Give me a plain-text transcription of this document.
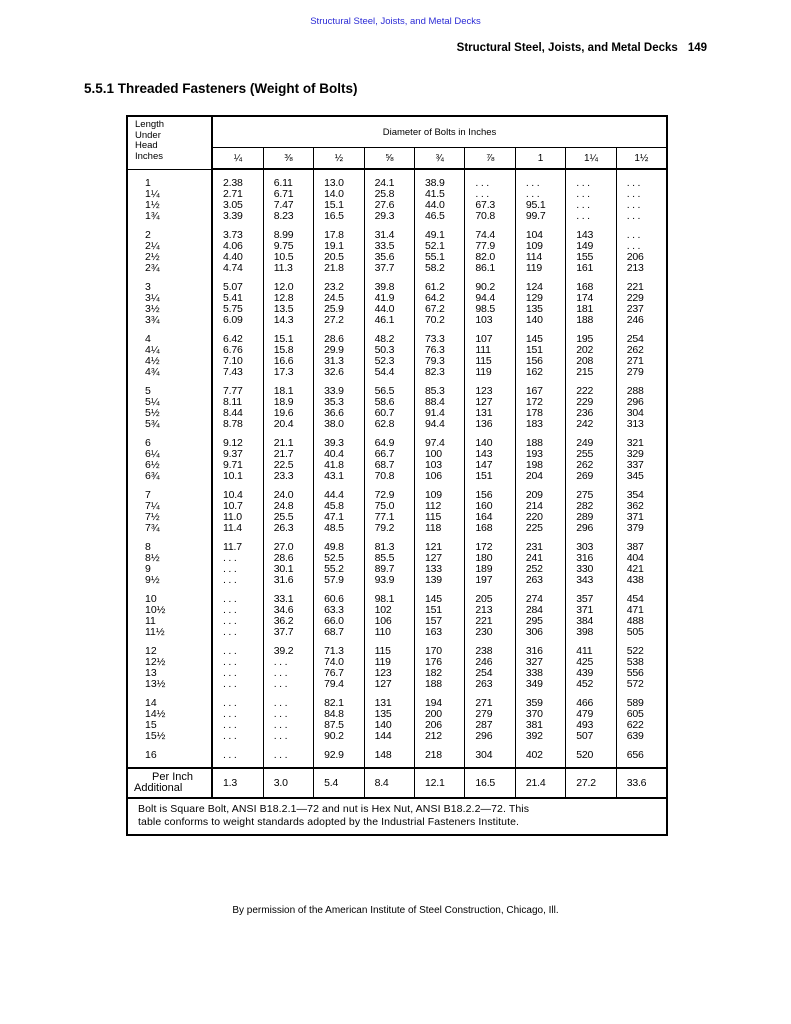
Structural Steel, Joists, and Metal Decks
Structural Steel, Joists, and Metal Decks 149
5.5.1 Threaded Fasteners (Weight of Bolts)
Length
Under
Head
Inches	Diameter of Bolts in Inches								
	¼	⅜	½	⅝	¾	⅞	1	1¼	1½
1	2.38	6.11	13.0	24.1	38.9	. . .	. . .	. . .	. . .
1¼	2.71	6.71	14.0	25.8	41.5	. . .	. . .	. . .	. . .
1½	3.05	7.47	15.1	27.6	44.0	67.3	95.1	. . .	. . .
1¾	3.39	8.23	16.5	29.3	46.5	70.8	99.7	. . .	. . .
2	3.73	8.99	17.8	31.4	49.1	74.4	104	143	. . .
2¼	4.06	9.75	19.1	33.5	52.1	77.9	109	149	. . .
2½	4.40	10.5	20.5	35.6	55.1	82.0	114	155	206
2¾	4.74	11.3	21.8	37.7	58.2	86.1	119	161	213
3	5.07	12.0	23.2	39.8	61.2	90.2	124	168	221
3¼	5.41	12.8	24.5	41.9	64.2	94.4	129	174	229
3½	5.75	13.5	25.9	44.0	67.2	98.5	135	181	237
3¾	6.09	14.3	27.2	46.1	70.2	103	140	188	246
4	6.42	15.1	28.6	48.2	73.3	107	145	195	254
4¼	6.76	15.8	29.9	50.3	76.3	111	151	202	262
4½	7.10	16.6	31.3	52.3	79.3	115	156	208	271
4¾	7.43	17.3	32.6	54.4	82.3	119	162	215	279
5	7.77	18.1	33.9	56.5	85.3	123	167	222	288
5¼	8.11	18.9	35.3	58.6	88.4	127	172	229	296
5½	8.44	19.6	36.6	60.7	91.4	131	178	236	304
5¾	8.78	20.4	38.0	62.8	94.4	136	183	242	313
6	9.12	21.1	39.3	64.9	97.4	140	188	249	321
6¼	9.37	21.7	40.4	66.7	100	143	193	255	329
6½	9.71	22.5	41.8	68.7	103	147	198	262	337
6¾	10.1	23.3	43.1	70.8	106	151	204	269	345
7	10.4	24.0	44.4	72.9	109	156	209	275	354
7¼	10.7	24.8	45.8	75.0	112	160	214	282	362
7½	11.0	25.5	47.1	77.1	115	164	220	289	371
7¾	11.4	26.3	48.5	79.2	118	168	225	296	379
8	11.7	27.0	49.8	81.3	121	172	231	303	387
8½	. . .	28.6	52.5	85.5	127	180	241	316	404
9	. . .	30.1	55.2	89.7	133	189	252	330	421
9½	. . .	31.6	57.9	93.9	139	197	263	343	438
10	. . .	33.1	60.6	98.1	145	205	274	357	454
10½	. . .	34.6	63.3	102	151	213	284	371	471
11	. . .	36.2	66.0	106	157	221	295	384	488
11½	. . .	37.7	68.7	110	163	230	306	398	505
12	. . .	39.2	71.3	115	170	238	316	411	522
12½	. . .	. . .	74.0	119	176	246	327	425	538
13	. . .	. . .	76.7	123	182	254	338	439	556
13½	. . .	. . .	79.4	127	188	263	349	452	572
14	. . .	. . .	82.1	131	194	271	359	466	589
14½	. . .	. . .	84.8	135	200	279	370	479	605
15	. . .	. . .	87.5	140	206	287	381	493	622
15½	. . .	. . .	90.2	144	212	296	392	507	639
16	. . .	. . .	92.9	148	218	304	402	520	656

Per Inch
Additional	1.3	3.0	5.4	8.4	12.1	16.5	21.4	27.2	33.6

Bolt is Square Bolt, ANSI B18.2.1—72 and nut is Hex Nut, ANSI B18.2.2—72. This
table conforms to weight standards adopted by the Industrial Fasteners Institute.									
By permission of the American Institute of Steel Construction, Chicago, Ill.
